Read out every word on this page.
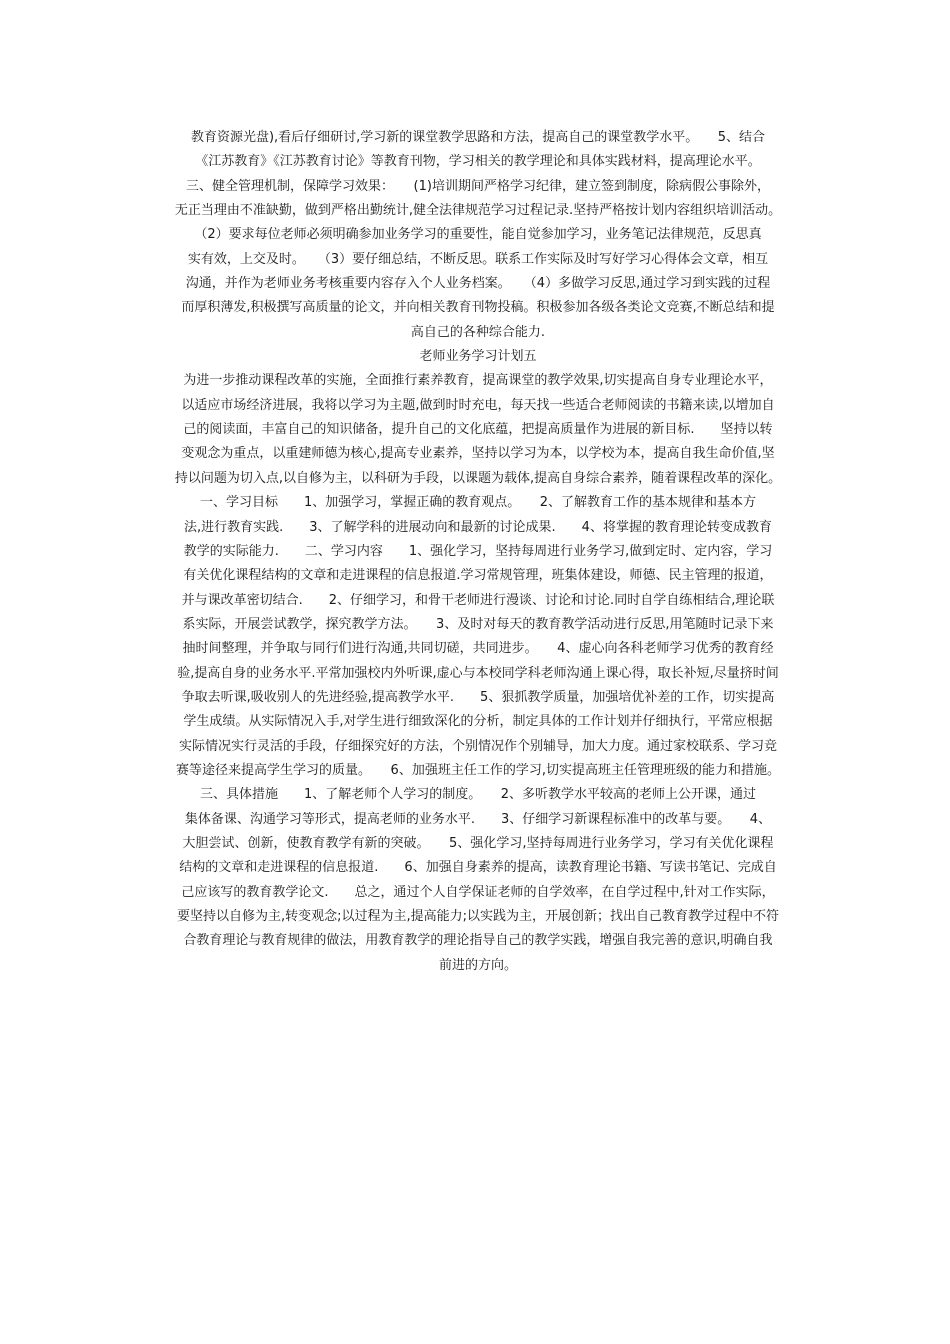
教育资源光盘),看后仔细研讨,学习新的课堂教学思路和方法，提高自己的课堂教学水平。　　5、结合
《江苏教育》《江苏教育讨论》等教育刊物，学习相关的教学理论和具体实践材料，提高理论水平。
三、健全管理机制，保障学习效果：　　(1)培训期间严格学习纪律，建立签到制度，除病假公事除外，
无正当理由不准缺勤，做到严格出勤统计,健全法律规范学习过程记录.坚持严格按计划内容组织培训活动。
（2）要求每位老师必须明确参加业务学习的重要性，能自觉参加学习，业务笔记法律规范，反思真
实有效，上交及时。　　（3）要仔细总结，不断反思。联系工作实际及时写好学习心得体会文章，相互
沟通，并作为老师业务考核重要内容存入个人业务档案。　　（4）多做学习反思,通过学习到实践的过程
而厚积薄发,积极撰写高质量的论文，并向相关教育刊物投稿。积极参加各级各类论文竞赛,不断总结和提
高自己的各种综合能力.
老师业务学习计划五
为进一步推动课程改革的实施，全面推行素养教育，提高课堂的教学效果,切实提高自身专业理论水平，
以适应市场经济进展，我将以学习为主题,做到时时充电，每天找一些适合老师阅读的书籍来读,以增加自
己的阅读面，丰富自己的知识储备，提升自己的文化底蕴，把提高质量作为进展的新目标.　　坚持以转
变观念为重点，以重建师德为核心,提高专业素养，坚持以学习为本，以学校为本，提高自我生命价值,坚
持以问题为切入点,以自修为主，以科研为手段，以课题为载体,提高自身综合素养，随着课程改革的深化。
一、学习目标　　1、加强学习，掌握正确的教育观点。　　2、了解教育工作的基本规律和基本方
法,进行教育实践.　　3、了解学科的进展动向和最新的讨论成果.　　4、将掌握的教育理论转变成教育
教学的实际能力.　　二、学习内容　　1、强化学习，坚持每周进行业务学习,做到定时、定内容，学习
有关优化课程结构的文章和走进课程的信息报道.学习常规管理，班集体建设，师德、民主管理的报道，
并与课改革密切结合.　　2、仔细学习，和骨干老师进行漫谈、讨论和讨论.同时自学自练相结合,理论联
系实际，开展尝试教学，探究教学方法。　　3、及时对每天的教育教学活动进行反思,用笔随时记录下来
抽时间整理，并争取与同行们进行沟通,共同切磋，共同进步。　　4、虚心向各科老师学习优秀的教育经
验,提高自身的业务水平.平常加强校内外听课,虚心与本校同学科老师沟通上课心得，取长补短,尽量挤时间
争取去听课,吸收别人的先进经验,提高教学水平.　　5、狠抓教学质量，加强培优补差的工作，切实提高
学生成绩。从实际情况入手,对学生进行细致深化的分析，制定具体的工作计划并仔细执行，平常应根据
实际情况实行灵活的手段，仔细探究好的方法，个别情况作个别辅导，加大力度。通过家校联系、学习竞
赛等途径来提高学生学习的质量。　　6、加强班主任工作的学习,切实提高班主任管理班级的能力和措施。
三、具体措施　　1、了解老师个人学习的制度。　　2、多听教学水平较高的老师上公开课，通过
集体备课、沟通学习等形式，提高老师的业务水平.　　3、仔细学习新课程标准中的改革与要。　　4、
大胆尝试、创新，使教育教学有新的突破。　　5、强化学习,坚持每周进行业务学习，学习有关优化课程
结构的文章和走进课程的信息报道.　　6、加强自身素养的提高，读教育理论书籍、写读书笔记、完成自
己应该写的教育教学论文.　　总之，通过个人自学保证老师的自学效率，在自学过程中,针对工作实际，
要坚持以自修为主,转变观念;以过程为主,提高能力;以实践为主，开展创新；找出自己教育教学过程中不符
合教育理论与教育规律的做法，用教育教学的理论指导自己的教学实践，增强自我完善的意识,明确自我
前进的方向。
